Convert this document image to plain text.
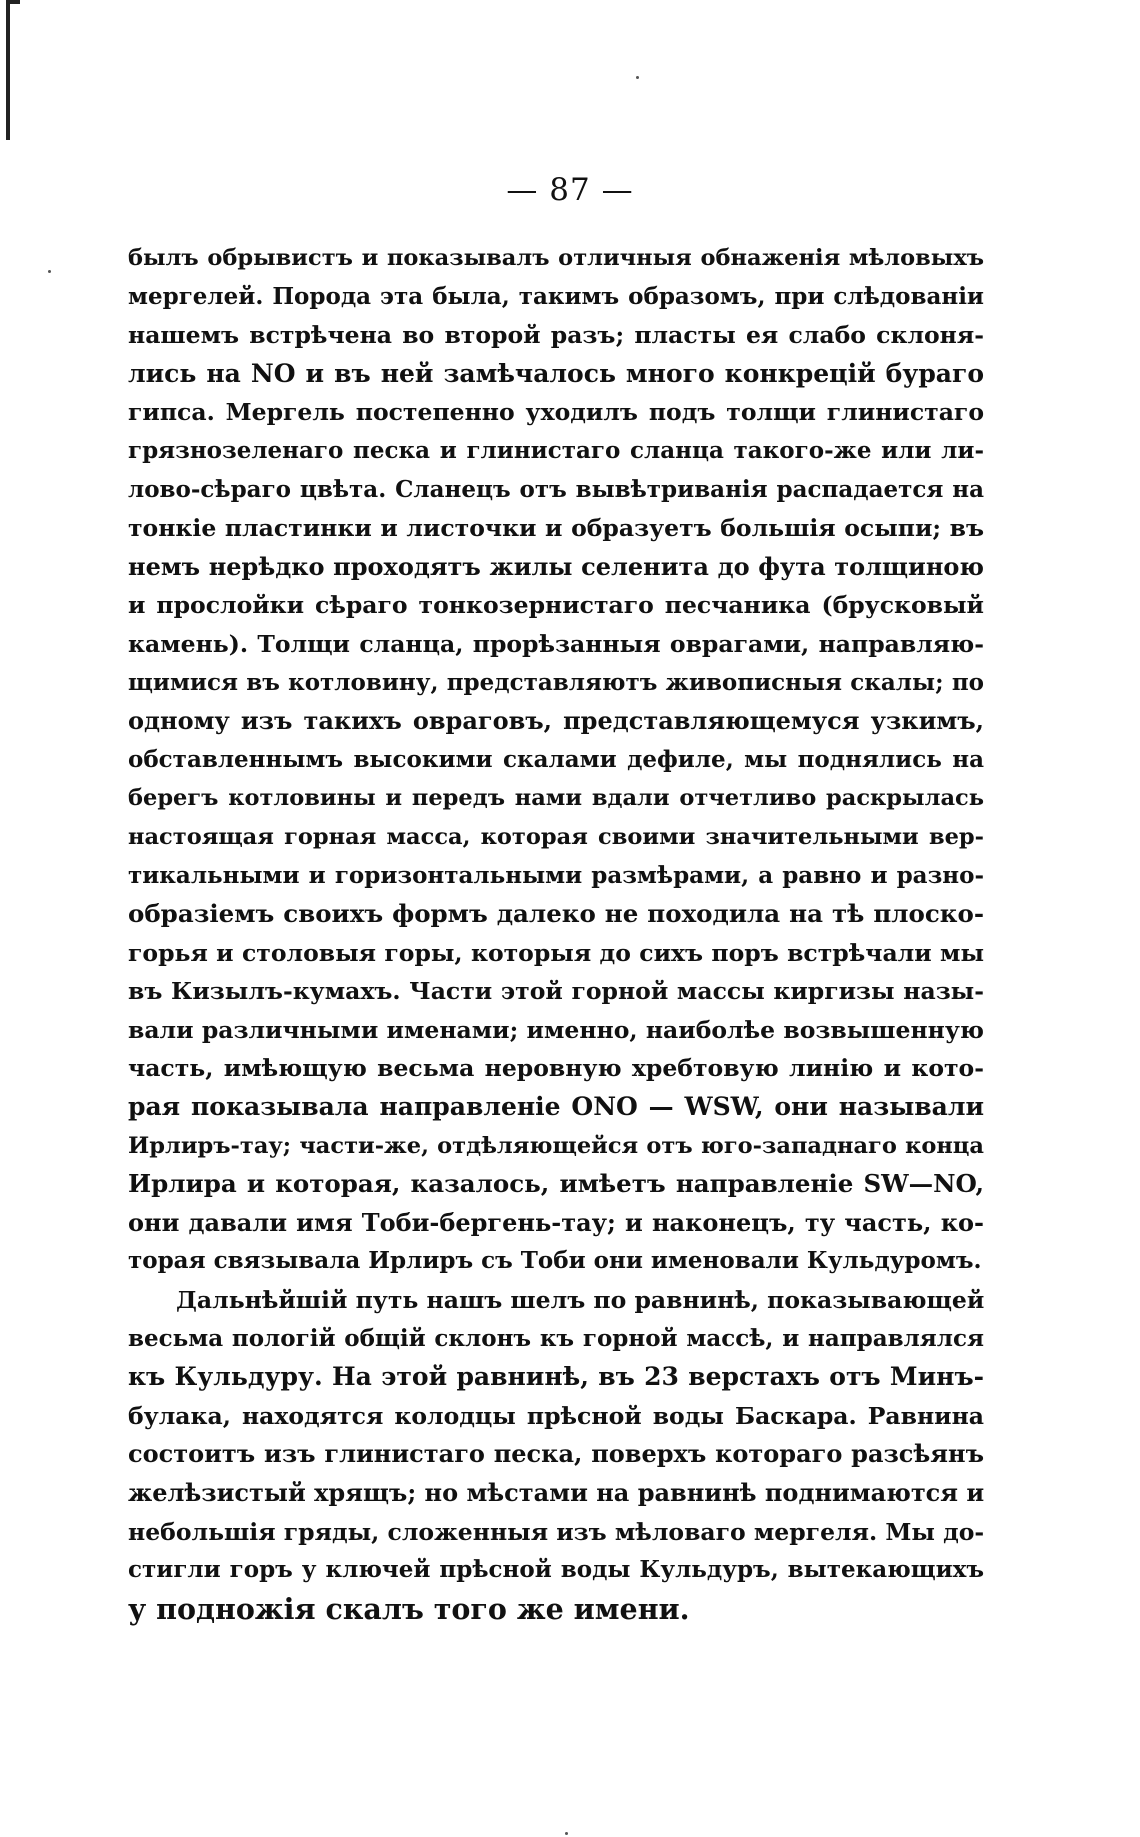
— 87 —
былъ обрывистъ и показывалъ отличныя обнаженія мѣловыхъ
мергелей. Порода эта была, такимъ образомъ, при слѣдованіи
нашемъ встрѣчена во второй разъ; пласты ея слабо склоня-
лись на NO и въ ней замѣчалось много конкрецій бураго
гипса. Мергель постепенно уходилъ подъ толщи глинистаго
грязнозеленаго песка и глинистаго сланца такого-же или ли-
лово-сѣраго цвѣта. Сланецъ отъ вывѣтриванія распадается на
тонкіе пластинки и листочки и образуетъ большія осыпи; въ
немъ нерѣдко проходятъ жилы селенита до фута толщиною
и прослойки сѣраго тонкозернистаго песчаника (брусковый
камень). Толщи сланца, прорѣзанныя оврагами, направляю-
щимися въ котловину, представляютъ живописныя скалы; по
одному изъ такихъ овраговъ, представляющемуся узкимъ,
обставленнымъ высокими скалами дефиле, мы поднялись на
берегъ котловины и передъ нами вдали отчетливо раскрылась
настоящая горная масса, которая своими значительными вер-
тикальными и горизонтальными размѣрами, а равно и разно-
образіемъ своихъ формъ далеко не походила на тѣ плоско-
горья и столовыя горы, которыя до сихъ поръ встрѣчали мы
въ Кизылъ-кумахъ. Части этой горной массы киргизы назы-
вали различными именами; именно, наиболѣе возвышенную
часть, имѣющую весьма неровную хребтовую линію и кото-
рая показывала направленіе ONO — WSW, они называли
Ирлиръ-тау; части-же, отдѣляющейся отъ юго-западнаго конца
Ирлира и которая, казалось, имѣетъ направленіе SW—NO,
они давали имя Тоби-бергень-тау; и наконецъ, ту часть, ко-
торая связывала Ирлиръ съ Тоби они именовали Кульдуромъ.
Дальнѣйшій путь нашъ шелъ по равнинѣ, показывающей
весьма пологій общій склонъ къ горной массѣ, и направлялся
къ Кульдуру. На этой равнинѣ, въ 23 верстахъ отъ Минъ-
булака, находятся колодцы прѣсной воды Баскара. Равнина
состоитъ изъ глинистаго песка, поверхъ котораго разсѣянъ
желѣзистый хрящъ; но мѣстами на равнинѣ поднимаются и
небольшія гряды, сложенныя изъ мѣловаго мергеля. Мы до-
стигли горъ у ключей прѣсной воды Кульдуръ, вытекающихъ
у подножія скалъ того же имени.
